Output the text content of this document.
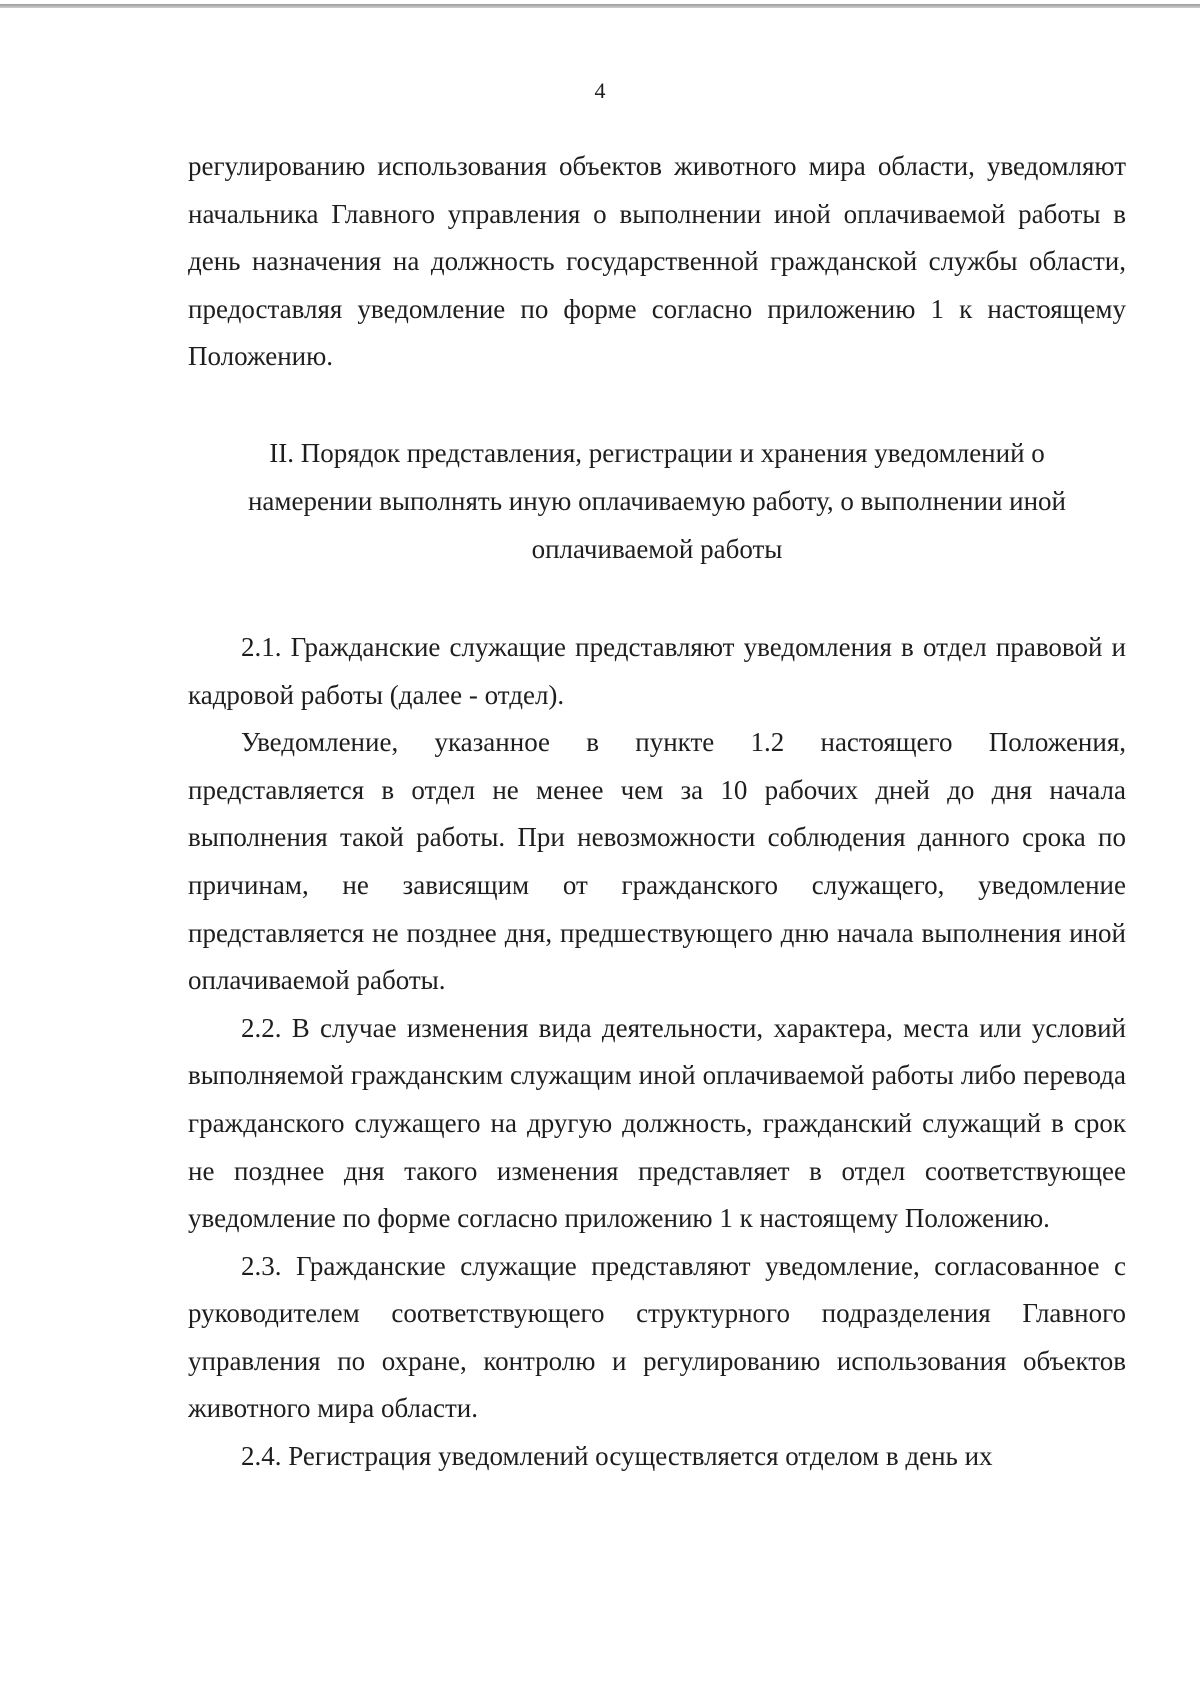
4

регулированию использования объектов животного мира области, уведомляют начальника Главного управления о выполнении иной оплачиваемой работы в день назначения на должность государственной гражданской службы области, предоставляя уведомление по форме согласно приложению 1 к настоящему Положению.

II. Порядок представления, регистрации и хранения уведомлений о намерении выполнять иную оплачиваемую работу, о выполнении иной оплачиваемой работы

2.1. Гражданские служащие представляют уведомления в отдел правовой и кадровой работы (далее - отдел).

Уведомление, указанное в пункте 1.2 настоящего Положения, представляется в отдел не менее чем за 10 рабочих дней до дня начала выполнения такой работы. При невозможности соблюдения данного срока по причинам, не зависящим от гражданского служащего, уведомление представляется не позднее дня, предшествующего дню начала выполнения иной оплачиваемой работы.

2.2. В случае изменения вида деятельности, характера, места или условий выполняемой гражданским служащим иной оплачиваемой работы либо перевода гражданского служащего на другую должность, гражданский служащий в срок не позднее дня такого изменения представляет в отдел соответствующее уведомление по форме согласно приложению 1 к настоящему Положению.

2.3. Гражданские служащие представляют уведомление, согласованное с руководителем соответствующего структурного подразделения Главного управления по охране, контролю и регулированию использования объектов животного мира области.

2.4. Регистрация уведомлений осуществляется отделом в день их
